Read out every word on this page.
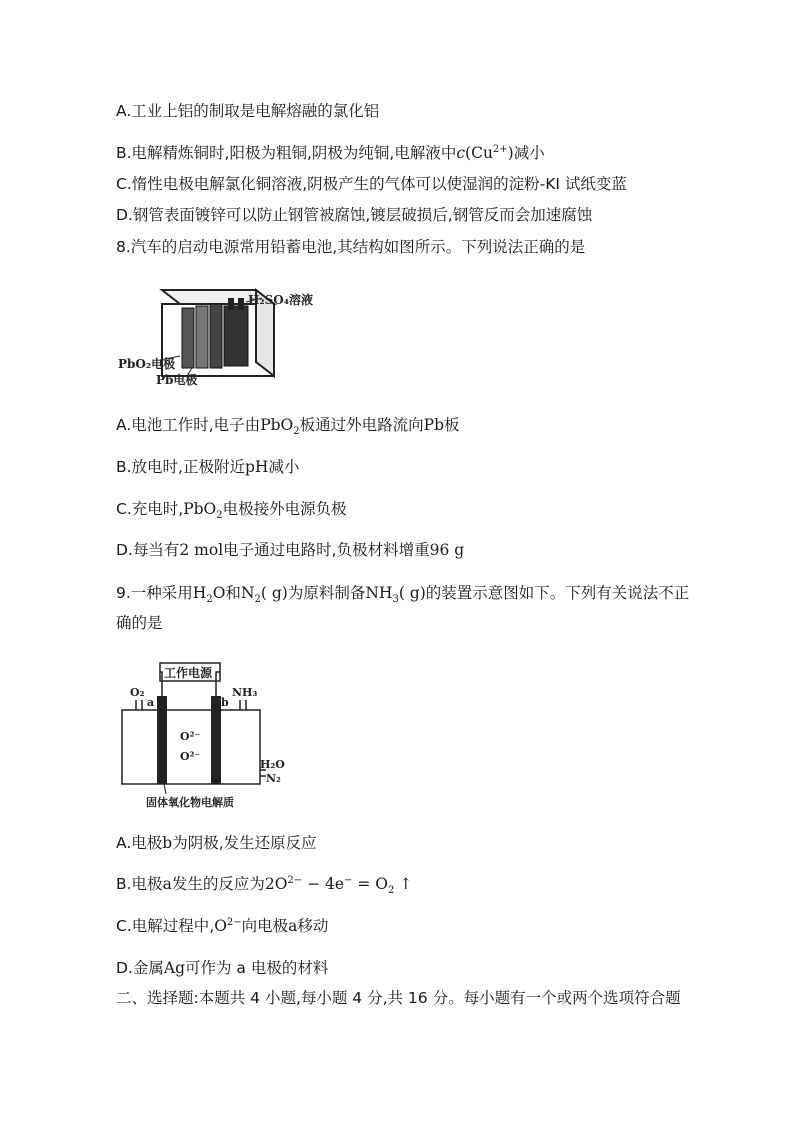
A.工业上铝的制取是电解熔融的氯化铝
B.电解精炼铜时,阳极为粗铜,阴极为纯铜,电解液中$c(Cu^{2+})$减小
C.惰性电极电解氯化铜溶液,阴极产生的气体可以使湿润的淀粉-KI 试纸变蓝
D.钢管表面镀锌可以防止钢管被腐蚀,镀层破损后,钢管反而会加速腐蚀
8.汽车的启动电源常用铅蓄电池,其结构如图所示。下列说法正确的是
H₂SO₄溶液
PbO₂电极
Pb电极
A.电池工作时,电子由PbO$_2$板通过外电路流向Pb板
B.放电时,正极附近pH减小
C.充电时,PbO$_2$电极接外电源负极
D.每当有2 mol电子通过电路时,负极材料增重96 g
9.一种采用$H_2O$和$N_2$( g)为原料制备$NH_3$( g)的装置示意图如下。下列有关说法不正
确的是
工作电源
O₂
a	b
NH₃
O²⁻
O²⁻
H₂O
N₂
固体氧化物电解质
A.电极b为阴极,发生还原反应
B.电极a发生的反应为$2O^{2-} - 4e^- = O_2$ ↑
C.电解过程中$,O^{2-}$向电极a移动
D.金属Ag可作为 a 电极的材料
二、选择题:本题共 4 小题,每小题 4 分,共 16 分。每小题有一个或两个选项符合题
